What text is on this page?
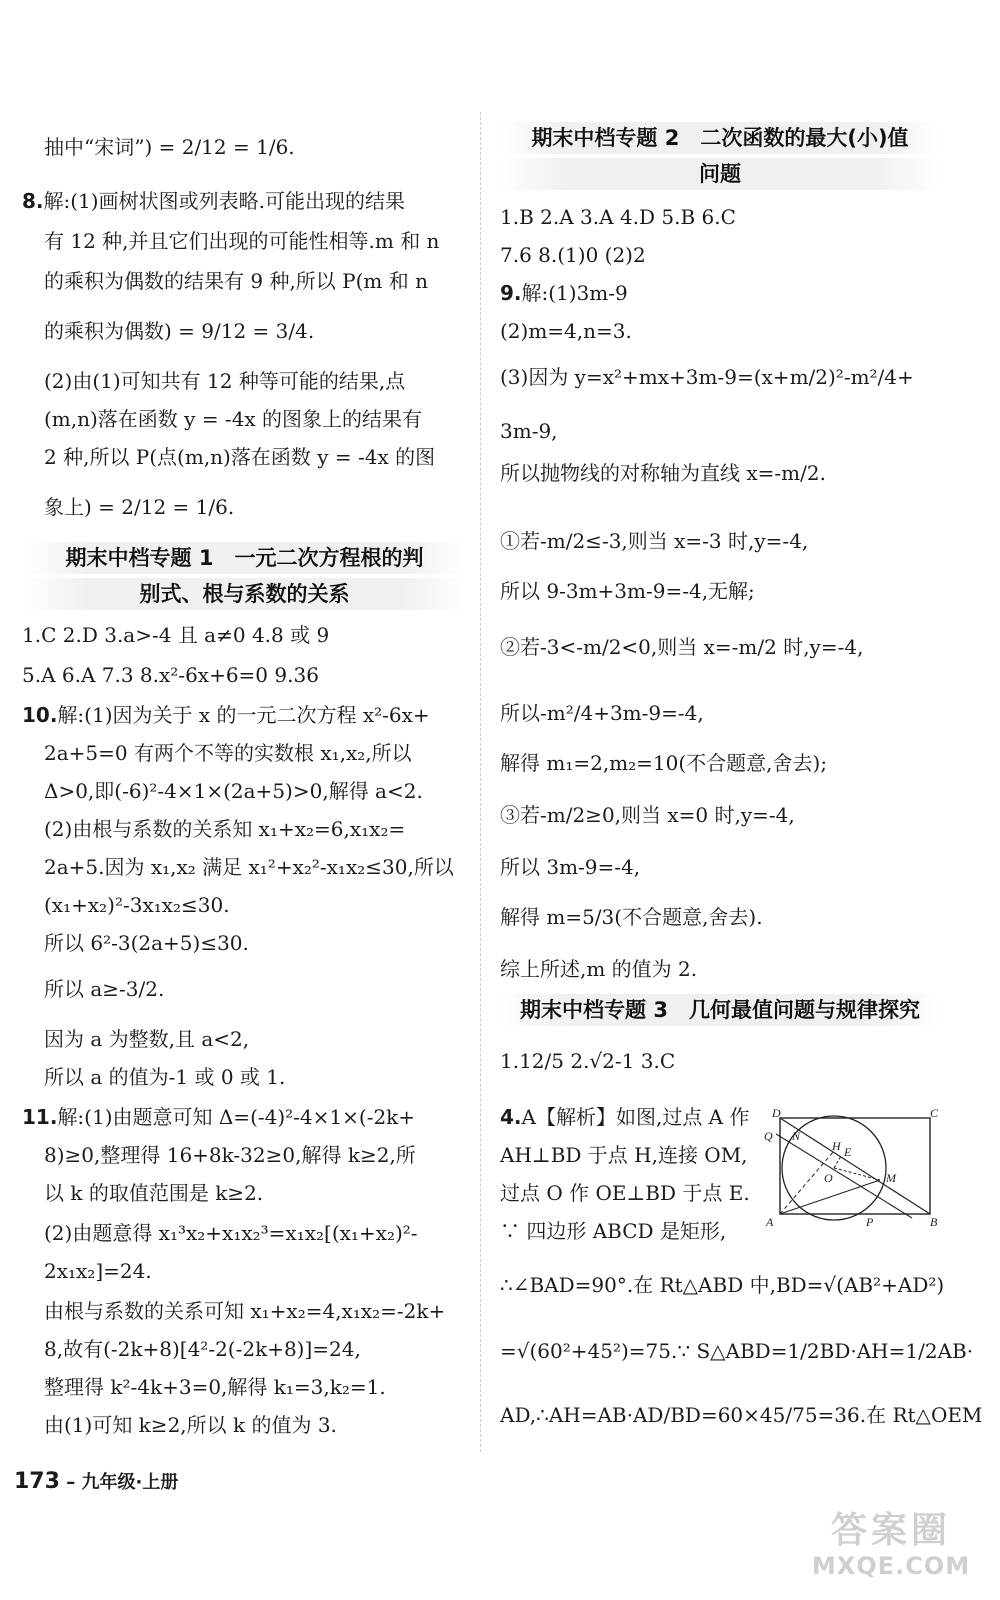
抽中“宋词”) = 2/12 = 1/6.
8.解:(1)画树状图或列表略.可能出现的结果
有 12 种,并且它们出现的可能性相等.m 和 n
的乘积为偶数的结果有 9 种,所以 P(m 和 n
的乘积为偶数) = 9/12 = 3/4.
(2)由(1)可知共有 12 种等可能的结果,点
(m,n)落在函数 y = -4x 的图象上的结果有
2 种,所以 P(点(m,n)落在函数 y = -4x 的图
象上) = 2/12 = 1/6.
期末中档专题 1　一元二次方程根的判
别式、根与系数的关系
1.C 2.D 3.a>-4 且 a≠0 4.8 或 9
5.A 6.A 7.3 8.x²-6x+6=0 9.36
10.解:(1)因为关于 x 的一元二次方程 x²-6x+
2a+5=0 有两个不等的实数根 x₁,x₂,所以
Δ>0,即(-6)²-4×1×(2a+5)>0,解得 a<2.
(2)由根与系数的关系知 x₁+x₂=6,x₁x₂=
2a+5.因为 x₁,x₂ 满足 x₁²+x₂²-x₁x₂≤30,所以
(x₁+x₂)²-3x₁x₂≤30.
所以 6²-3(2a+5)≤30.
所以 a≥-3/2.
因为 a 为整数,且 a<2,
所以 a 的值为-1 或 0 或 1.
11.解:(1)由题意可知 Δ=(-4)²-4×1×(-2k+
8)≥0,整理得 16+8k-32≥0,解得 k≥2,所
以 k 的取值范围是 k≥2.
(2)由题意得 x₁³x₂+x₁x₂³=x₁x₂[(x₁+x₂)²-
2x₁x₂]=24.
由根与系数的关系可知 x₁+x₂=4,x₁x₂=-2k+
8,故有(-2k+8)[4²-2(-2k+8)]=24,
整理得 k²-4k+3=0,解得 k₁=3,k₂=1.
由(1)可知 k≥2,所以 k 的值为 3.
期末中档专题 2　二次函数的最大(小)值
问题
1.B 2.A 3.A 4.D 5.B 6.C
7.6 8.(1)0 (2)2
9.解:(1)3m-9
(2)m=4,n=3.
(3)因为 y=x²+mx+3m-9=(x+m/2)²-m²/4+
3m-9,
所以抛物线的对称轴为直线 x=-m/2.
①若-m/2≤-3,则当 x=-3 时,y=-4,
所以 9-3m+3m-9=-4,无解;
②若-3<-m/2<0,则当 x=-m/2 时,y=-4,
所以-m²/4+3m-9=-4,
解得 m₁=2,m₂=10(不合题意,舍去);
③若-m/2≥0,则当 x=0 时,y=-4,
所以 3m-9=-4,
解得 m=5/3(不合题意,舍去).
综上所述,m 的值为 2.
期末中档专题 3　几何最值问题与规律探究
1.12/5 2.√2-1 3.C
4.A【解析】如图,过点 A 作
AH⊥BD 于点 H,连接 OM,
过点 O 作 OE⊥BD 于点 E.
∵ 四边形 ABCD 是矩形,
∴∠BAD=90°.在 Rt△ABD 中,BD=√(AB²+AD²)
=√(60²+45²)=75.∵ S△ABD=1/2BD·AH=1/2AB·
AD,∴AH=AB·AD/BD=60×45/75=36.在 Rt△OEM
D	C
Q N
H E
O	M
A	P	B
173 – 九年级·上册
答案圈
MXQE.COM
